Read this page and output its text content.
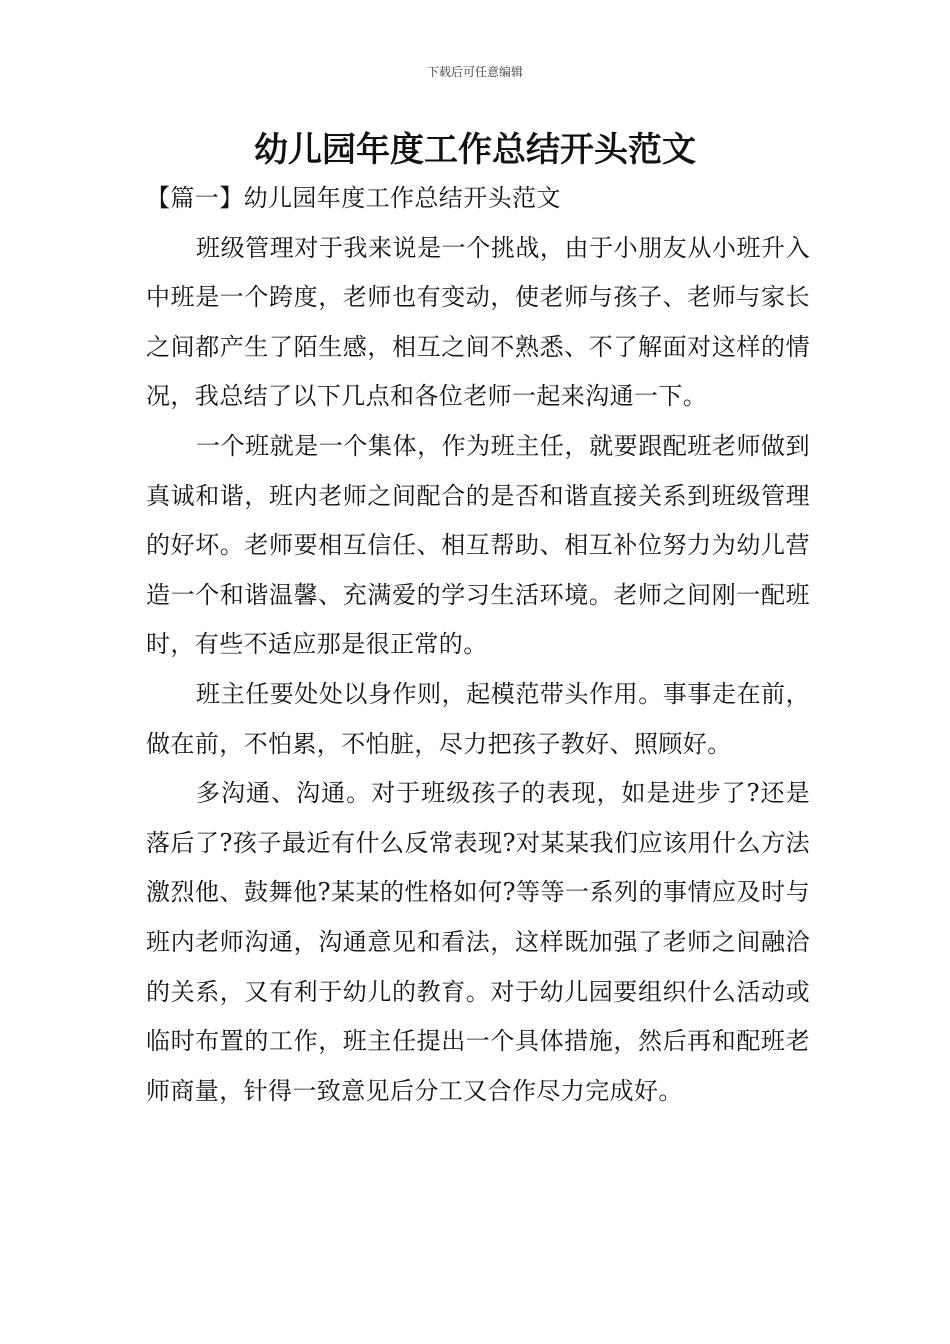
下载后可任意编辑
幼儿园年度工作总结开头范文

【篇一】幼儿园年度工作总结开头范文

班级管理对于我来说是一个挑战，由于小朋友从小班升入中班是一个跨度，老师也有变动，使老师与孩子、老师与家长之间都产生了陌生感，相互之间不熟悉、不了解面对这样的情况，我总结了以下几点和各位老师一起来沟通一下。

一个班就是一个集体，作为班主任，就要跟配班老师做到真诚和谐，班内老师之间配合的是否和谐直接关系到班级管理的好坏。老师要相互信任、相互帮助、相互补位努力为幼儿营造一个和谐温馨、充满爱的学习生活环境。老师之间刚一配班时，有些不适应那是很正常的。

班主任要处处以身作则，起模范带头作用。事事走在前，做在前，不怕累，不怕脏，尽力把孩子教好、照顾好。

多沟通、沟通。对于班级孩子的表现，如是进步了?还是落后了?孩子最近有什么反常表现?对某某我们应该用什么方法激烈他、鼓舞他?某某的性格如何?等等一系列的事情应及时与班内老师沟通，沟通意见和看法，这样既加强了老师之间融洽的关系，又有利于幼儿的教育。对于幼儿园要组织什么活动或临时布置的工作，班主任提出一个具体措施，然后再和配班老师商量，针得一致意见后分工又合作尽力完成好。
